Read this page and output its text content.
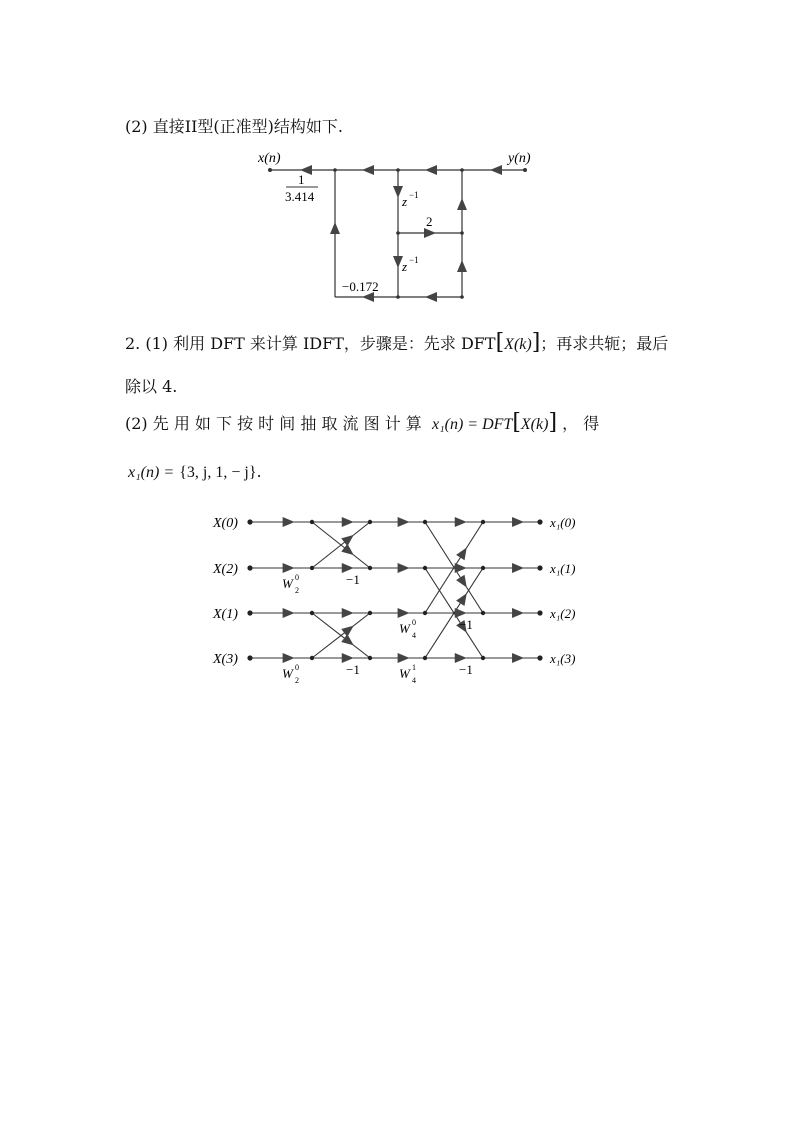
(2) 直接II型(正准型)结构如下.
x(n)	y(n)
1
3.414	z −1
2
z −1
−0.172
2. (1) 利用 DFT 来计算 IDFT，步骤是：先求 DFT[X(k)]；再求共轭；最后
除以 4.
(2) 先 用 如 下 按 时 间 抽 取 流 图 计 算 x₁(n) = DFT[X(k)] ， 得
x₁(n) = {3, j, 1, − j}.
X(0)
X(2)
X(1)
X(3)
x₁(0)
x₁(1)
x₁(2)
x₁(3)
W 2
0	−1
W 2
0	−1
W 4
0	−1
W 4
1	−1
